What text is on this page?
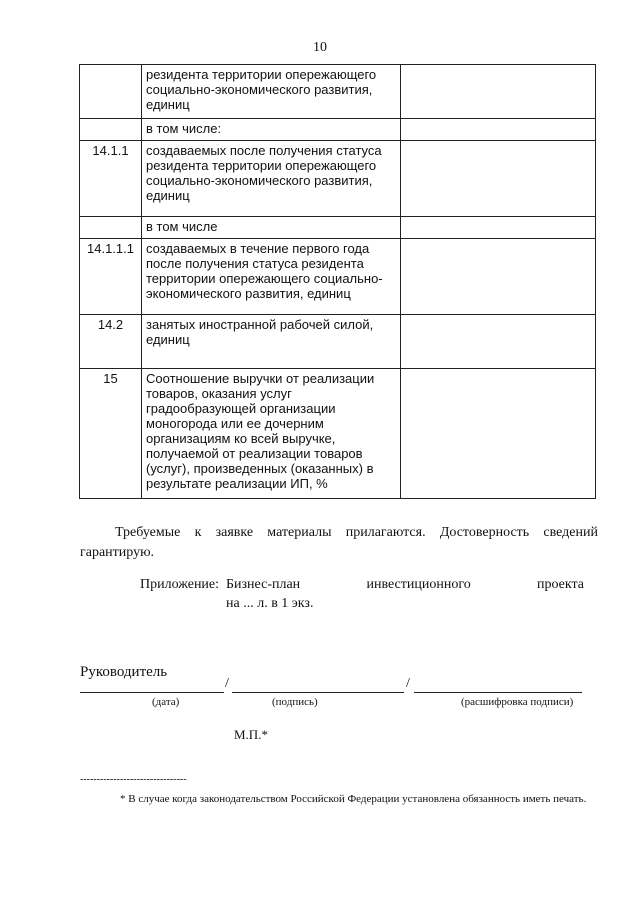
10
	резидента территории опережающего социально-экономического развития, единиц	
	в том числе:	
14.1.1	создаваемых после получения статуса резидента территории опережающего социально-экономического развития, единиц	
	в том числе	
14.1.1.1	создаваемых в течение первого года после получения статуса резидента территории опережающего социально-экономического развития, единиц	
14.2	занятых иностранной рабочей силой, единиц	
15	Соотношение выручки от реализации товаров, оказания услуг градообразующей организации моногорода или ее дочерним организациям ко всей выручке, получаемой от реализации товаров (услуг), произведенных (оказанных) в результате реализации ИП, %	
Требуемые к заявке материалы прилагаются. Достоверность сведений гарантирую.
Приложение: Бизнес-план	инвестиционного	проекта
на ... л. в 1 экз.
Руководитель
/	/
(дата)	(подпись)	(расшифровка подписи)
М.П.*
--------------------------------
* В случае когда законодательством Российской Федерации установлена обязанность иметь печать.
